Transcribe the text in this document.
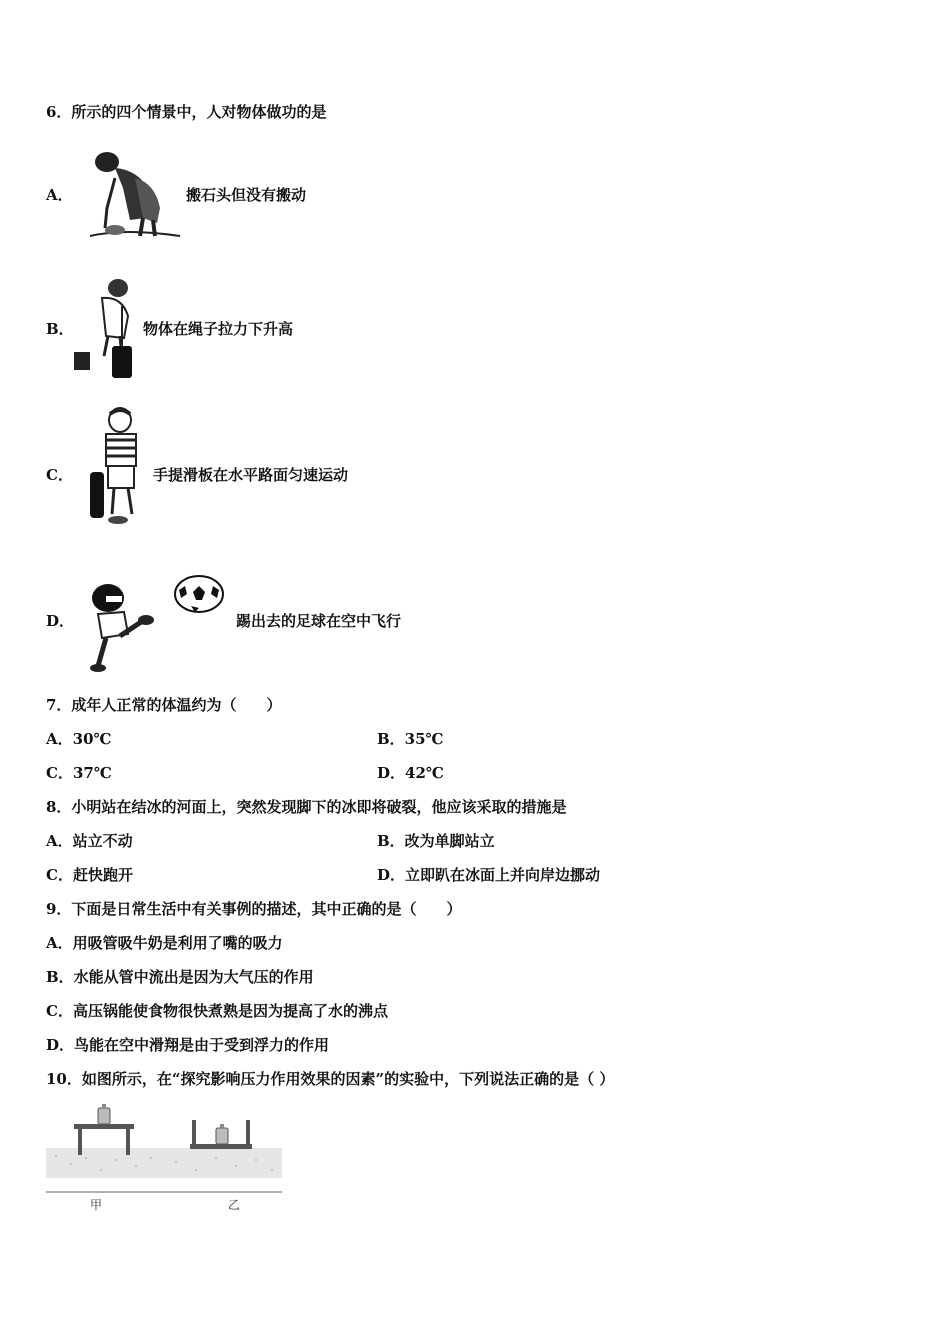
6．所示的四个情景中，人对物体做功的是
A．	搬石头但没有搬动
B．	物体在绳子拉力下升高
C．	手提滑板在水平路面匀速运动
D．	踢出去的足球在空中飞行
7．成年人正常的体温约为（　　）
A．30℃	B．35℃
C．37℃	D．42℃
8．小明站在结冰的河面上，突然发现脚下的冰即将破裂，他应该采取的措施是
A．站立不动	B．改为单脚站立
C．赶快跑开	D．立即趴在冰面上并向岸边挪动
9．下面是日常生活中有关事例的描述，其中正确的是（　　）
A．用吸管吸牛奶是利用了嘴的吸力
B．水能从管中流出是因为大气压的作用
C．高压锅能使食物很快煮熟是因为提高了水的沸点
D．鸟能在空中滑翔是由于受到浮力的作用
10．如图所示，在“探究影响压力作用效果的因素”的实验中，下列说法正确的是（ ）
甲	乙
